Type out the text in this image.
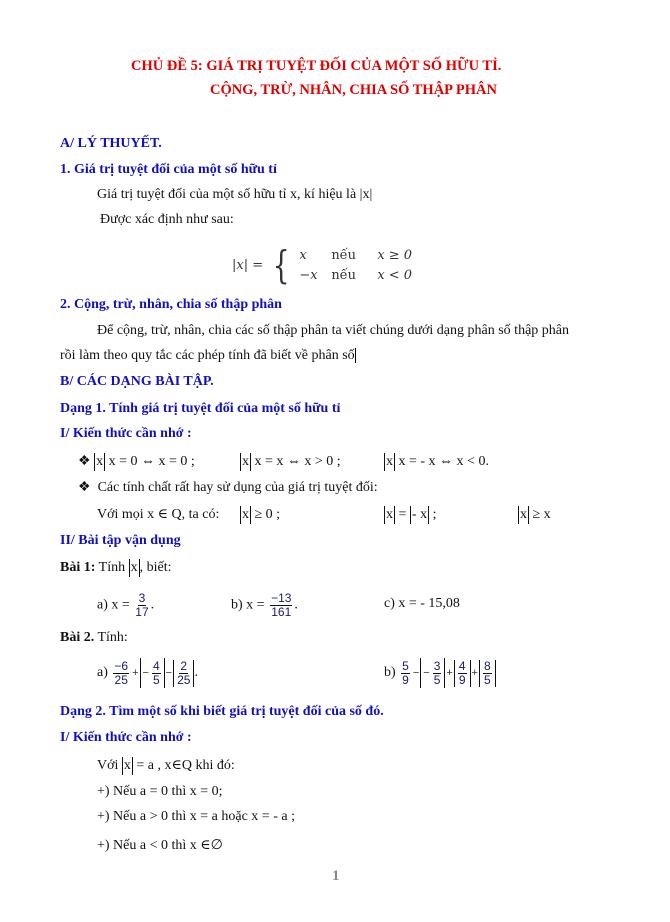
CHỦ ĐỀ 5: GIÁ TRỊ TUYỆT ĐỐI CỦA MỘT SỐ HỮU TỈ.
CỘNG, TRỪ, NHÂN, CHIA SỐ THẬP PHÂN
A/ LÝ THUYẾT.
1. Giá trị tuyệt đối của một số hữu tỉ
Giá trị tuyệt đối của một số hữu tỉ x, kí hiệu là |x|
Được xác định như sau:
|x| = { x	nếu	x ≥ 0
−x	nếu	x < 0
2. Cộng, trừ, nhân, chia số thập phân
Để cộng, trừ, nhân, chia các số thập phân ta viết chúng dưới dạng phân số thập phân
rồi làm theo quy tắc các phép tính đã biết về phân số
B/ CÁC DẠNG BÀI TẬP.
Dạng 1. Tính giá trị tuyệt đối của một số hữu tỉ
I/ Kiến thức cần nhớ :
❖ x x = 0 ⇔ x = 0 ;	x x = x ⇔ x > 0 ;	x x = - x ⇔ x < 0.
❖ Các tính chất rất hay sử dụng của giá trị tuyệt đối:
Với mọi x ∈ Q, ta có: x ≥ 0 ;	x = - x ;	x ≥ x
II/ Bài tập vận dụng
Bài 1: Tính x , biết:
a) $x = \frac{3}{17}$ .	b) $x = \frac{-13}{161}$ .	c) x = - 15,08
Bài 2. Tính:
$a) \frac{-6}{25}$ + − $\frac{4}{5} - \frac{2}{25}$ .	$b) \frac{5}{9}$ − − $\frac{3}{5} + \frac{4}{9} + \frac{8}{5}$
Dạng 2. Tìm một số khi biết giá trị tuyệt đối của số đó.
I/ Kiến thức cần nhớ :
Với x = a , x∈Q khi đó:
+) Nếu a = 0 thì x = 0;
+) Nếu a > 0 thì x = a hoặc x = - a ;
+) Nếu a < 0 thì x ∈∅
1
